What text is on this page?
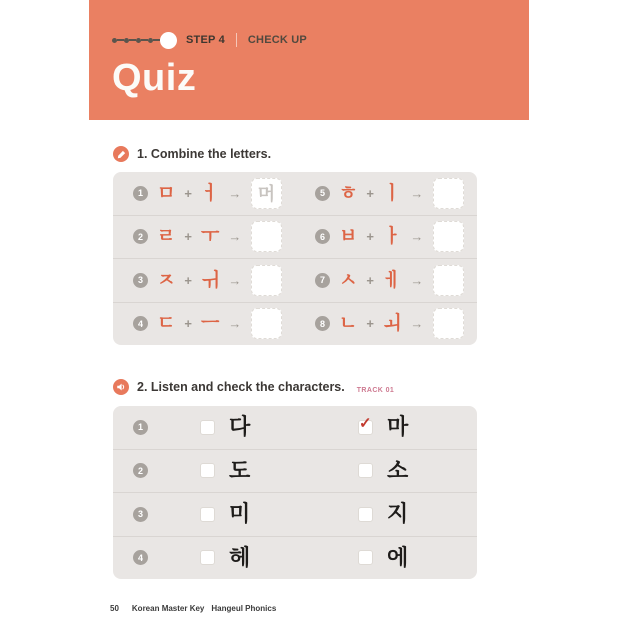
STEP 4 CHECK UP
Quiz
1. Combine the letters.
1 ㅁ + ㅓ → 머	5 ㅎ + ㅣ →
2 ㄹ + ㅜ →	6 ㅂ + ㅏ →
3 ㅈ + ㅟ →	7 ㅅ + ㅔ →
4 ㄷ + ㅡ →	8 ㄴ + ㅚ →
2. Listen and check the characters. TRACK 01
1	다	✓ 마
2	도	소
3	미	지
4	헤	에
50 Korean Master Key Hangeul Phonics
